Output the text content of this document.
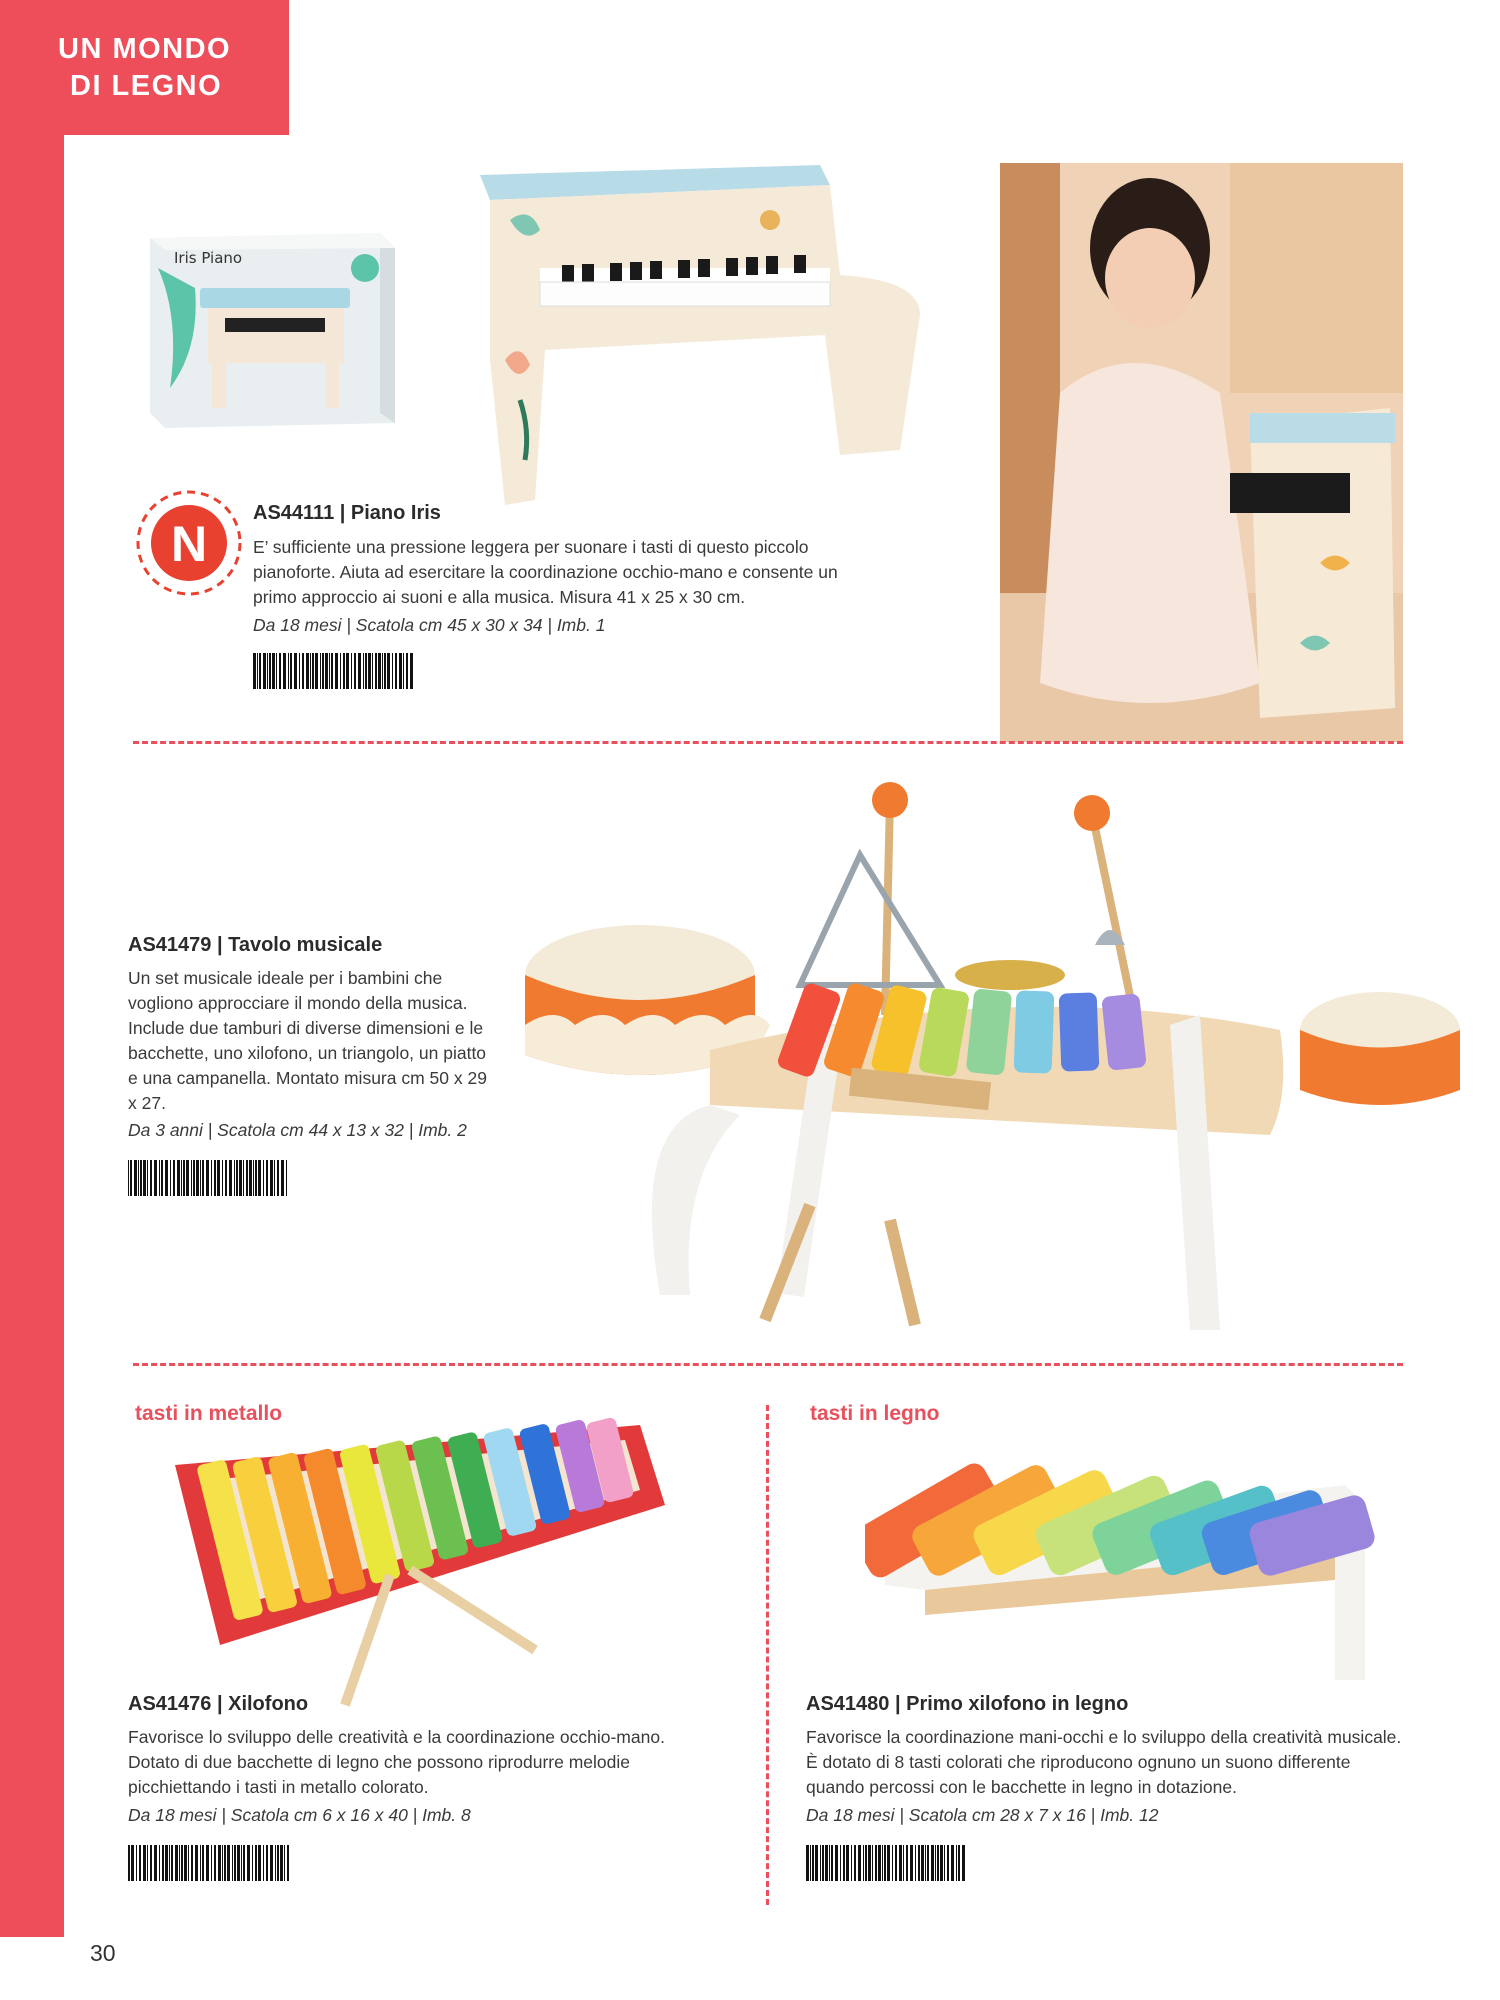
UN MONDO
DI LEGNO
Iris Piano
N
AS44111 | Piano Iris
E’ sufficiente una pressione leggera per suonare i tasti di questo piccolo pianoforte. Aiuta ad esercitare la coordinazione occhio-mano e consente un primo approccio ai suoni e alla musica. Misura 41 x 25 x 30 cm.
Da 18 mesi | Scatola cm 45 x 30 x 34 | Imb. 1
AS41479 | Tavolo musicale
Un set musicale ideale per i bambini che vogliono approcciare il mondo della musica. Include due tamburi di diverse dimensioni e le bacchette, uno xilofono, un triangolo, un piatto e una campanella. Montato misura cm 50 x 29 x 27.
Da 3 anni | Scatola cm 44 x 13 x 32 | Imb. 2
tasti in metallo
AS41476 | Xilofono
Favorisce lo sviluppo delle creatività e la coordinazione occhio-mano. Dotato di due bacchette di legno che possono riprodurre melodie picchiettando i tasti in metallo colorato.
Da 18 mesi | Scatola cm 6 x 16 x 40 | Imb. 8
tasti in legno
AS41480 | Primo xilofono in legno
Favorisce la coordinazione mani-occhi e lo sviluppo della creatività musicale. È dotato di 8 tasti colorati che riproducono ognuno un suono differente quando percossi con le bacchette in legno in dotazione.
Da 18 mesi | Scatola cm 28 x 7 x 16 | Imb. 12
30
